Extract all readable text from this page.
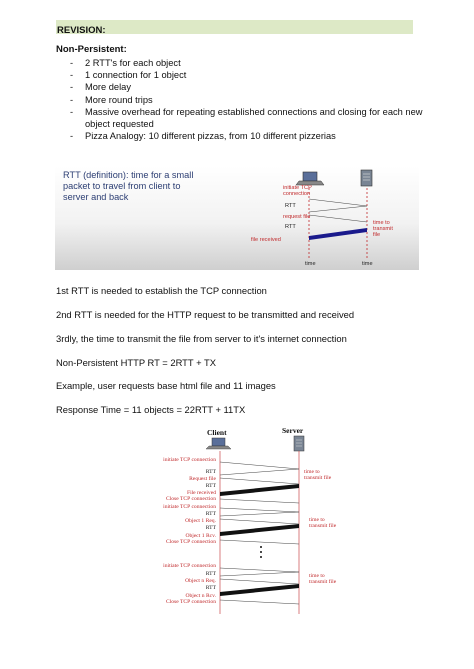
REVISION:
Non-Persistent:
- 2 RTT's for each object
- 1 connection for 1 object
- More delay
- More round trips
- Massive overhead for repeating established connections and closing for each new object requested
- Pizza Analogy: 10 different pizzas, from 10 different pizzerias
RTT (definition): time for a small packet to travel from client to server and back
initiate TCP connection
RTT
request file
RTT
time to transmit file
file received
time	time
1st RTT is needed to establish the TCP connection
2nd RTT is needed for the HTTP request to be transmitted and received
3rdly, the time to transmit the file from server to it's internet connection
Non-Persistent HTTP RT = 2RTT + TX
Example, user requests base html file and 11 images
Response Time = 11 objects = 22RTT + 11TX
Client	Server
initiate TCP connection
RTT
Request file
RTT
File received
Close TCP connection
time to
transmit file
initiate TCP connection
RTT
Object 1 Req.
RTT
Object 1 Rcv.
Close TCP connection
time to
transmit file
initiate TCP connection
RTT
Object n Req.
RTT
Object n Rcv.
Close TCP connection
time to
transmit file
